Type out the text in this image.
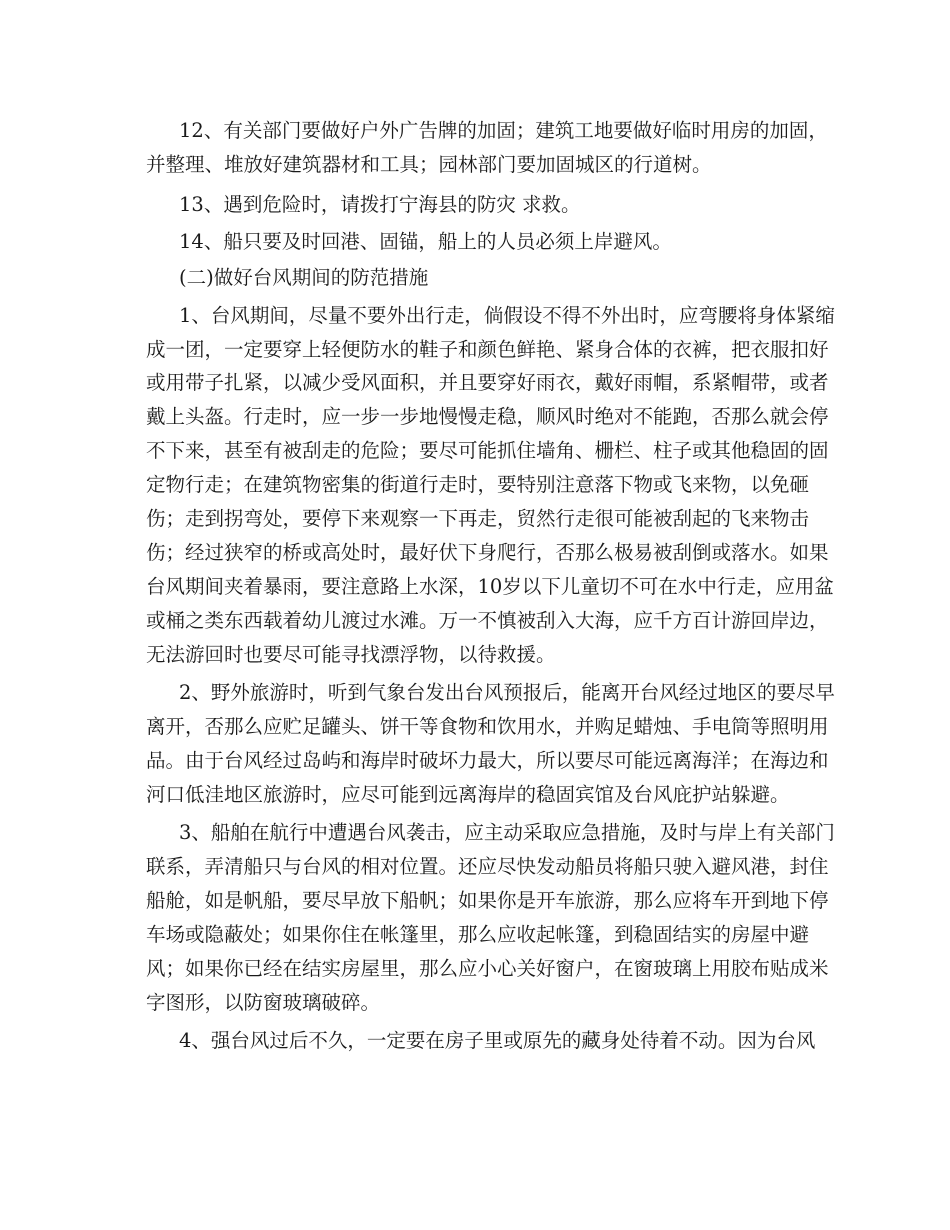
12、有关部门要做好户外广告牌的加固；建筑工地要做好临时用房的加固，
并整理、堆放好建筑器材和工具；园林部门要加固城区的行道树。
13、遇到危险时，请拨打宁海县的防灾 求救。
14、船只要及时回港、固锚，船上的人员必须上岸避风。
(二)做好台风期间的防范措施
1、台风期间，尽量不要外出行走，倘假设不得不外出时，应弯腰将身体紧缩
成一团，一定要穿上轻便防水的鞋子和颜色鲜艳、紧身合体的衣裤，把衣服扣好
或用带子扎紧，以减少受风面积，并且要穿好雨衣，戴好雨帽，系紧帽带，或者
戴上头盔。行走时，应一步一步地慢慢走稳，顺风时绝对不能跑，否那么就会停
不下来，甚至有被刮走的危险；要尽可能抓住墙角、栅栏、柱子或其他稳固的固
定物行走；在建筑物密集的街道行走时，要特别注意落下物或飞来物，以免砸
伤；走到拐弯处，要停下来观察一下再走，贸然行走很可能被刮起的飞来物击
伤；经过狭窄的桥或高处时，最好伏下身爬行，否那么极易被刮倒或落水。如果
台风期间夹着暴雨，要注意路上水深，10岁以下儿童切不可在水中行走，应用盆
或桶之类东西载着幼儿渡过水滩。万一不慎被刮入大海，应千方百计游回岸边，
无法游回时也要尽可能寻找漂浮物，以待救援。
2、野外旅游时，听到气象台发出台风预报后，能离开台风经过地区的要尽早
离开，否那么应贮足罐头、饼干等食物和饮用水，并购足蜡烛、手电筒等照明用
品。由于台风经过岛屿和海岸时破坏力最大，所以要尽可能远离海洋；在海边和
河口低洼地区旅游时，应尽可能到远离海岸的稳固宾馆及台风庇护站躲避。
3、船舶在航行中遭遇台风袭击，应主动采取应急措施，及时与岸上有关部门
联系，弄清船只与台风的相对位置。还应尽快发动船员将船只驶入避风港，封住
船舱，如是帆船，要尽早放下船帆；如果你是开车旅游，那么应将车开到地下停
车场或隐蔽处；如果你住在帐篷里，那么应收起帐篷，到稳固结实的房屋中避
风；如果你已经在结实房屋里，那么应小心关好窗户，在窗玻璃上用胶布贴成米
字图形，以防窗玻璃破碎。
4、强台风过后不久，一定要在房子里或原先的藏身处待着不动。因为台风
